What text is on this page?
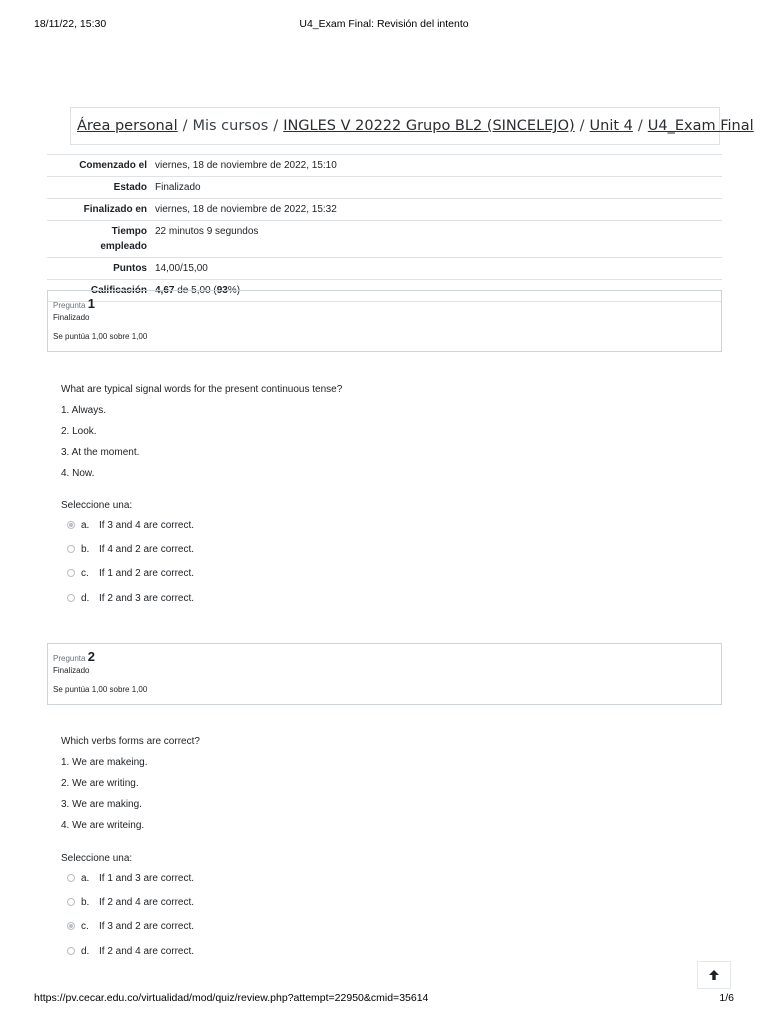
18/11/22, 15:30	U4_Exam Final: Revisión del intento
Área personal / Mis cursos / INGLES V 20222 Grupo BL2 (SINCELEJO) / Unit 4 / U4_Exam Final
Comenzado el	viernes, 18 de noviembre de 2022, 15:10
Estado	Finalizado
Finalizado en	viernes, 18 de noviembre de 2022, 15:32
Tiempo
empleado	22 minutos 9 segundos
Puntos	14,00/15,00
Calificación	4,67 de 5,00 (93%)
Pregunta 1
Finalizado
Se puntúa 1,00 sobre 1,00

What are typical signal words for the present continuous tense?

1. Always.

2. Look.

3. At the moment.

4. Now.

Seleccione una:
a. If 3 and 4 are correct.
b. If 4 and 2 are correct.
c.	If 1 and 2 are correct.
d. If 2 and 3 are correct.
Pregunta 2
Finalizado
Se puntúa 1,00 sobre 1,00

Which verbs forms are correct?

1. We are makeing.

2. We are writing.

3. We are making.

4. We are writeing.

Seleccione una:
a. If 1 and 3 are correct.
b. If 2 and 4 are correct.
c.	If 3 and 2 are correct.
d. If 2 and 4 are correct.
https://pv.cecar.edu.co/virtualidad/mod/quiz/review.php?attempt=22950&cmid=35614	1/6
